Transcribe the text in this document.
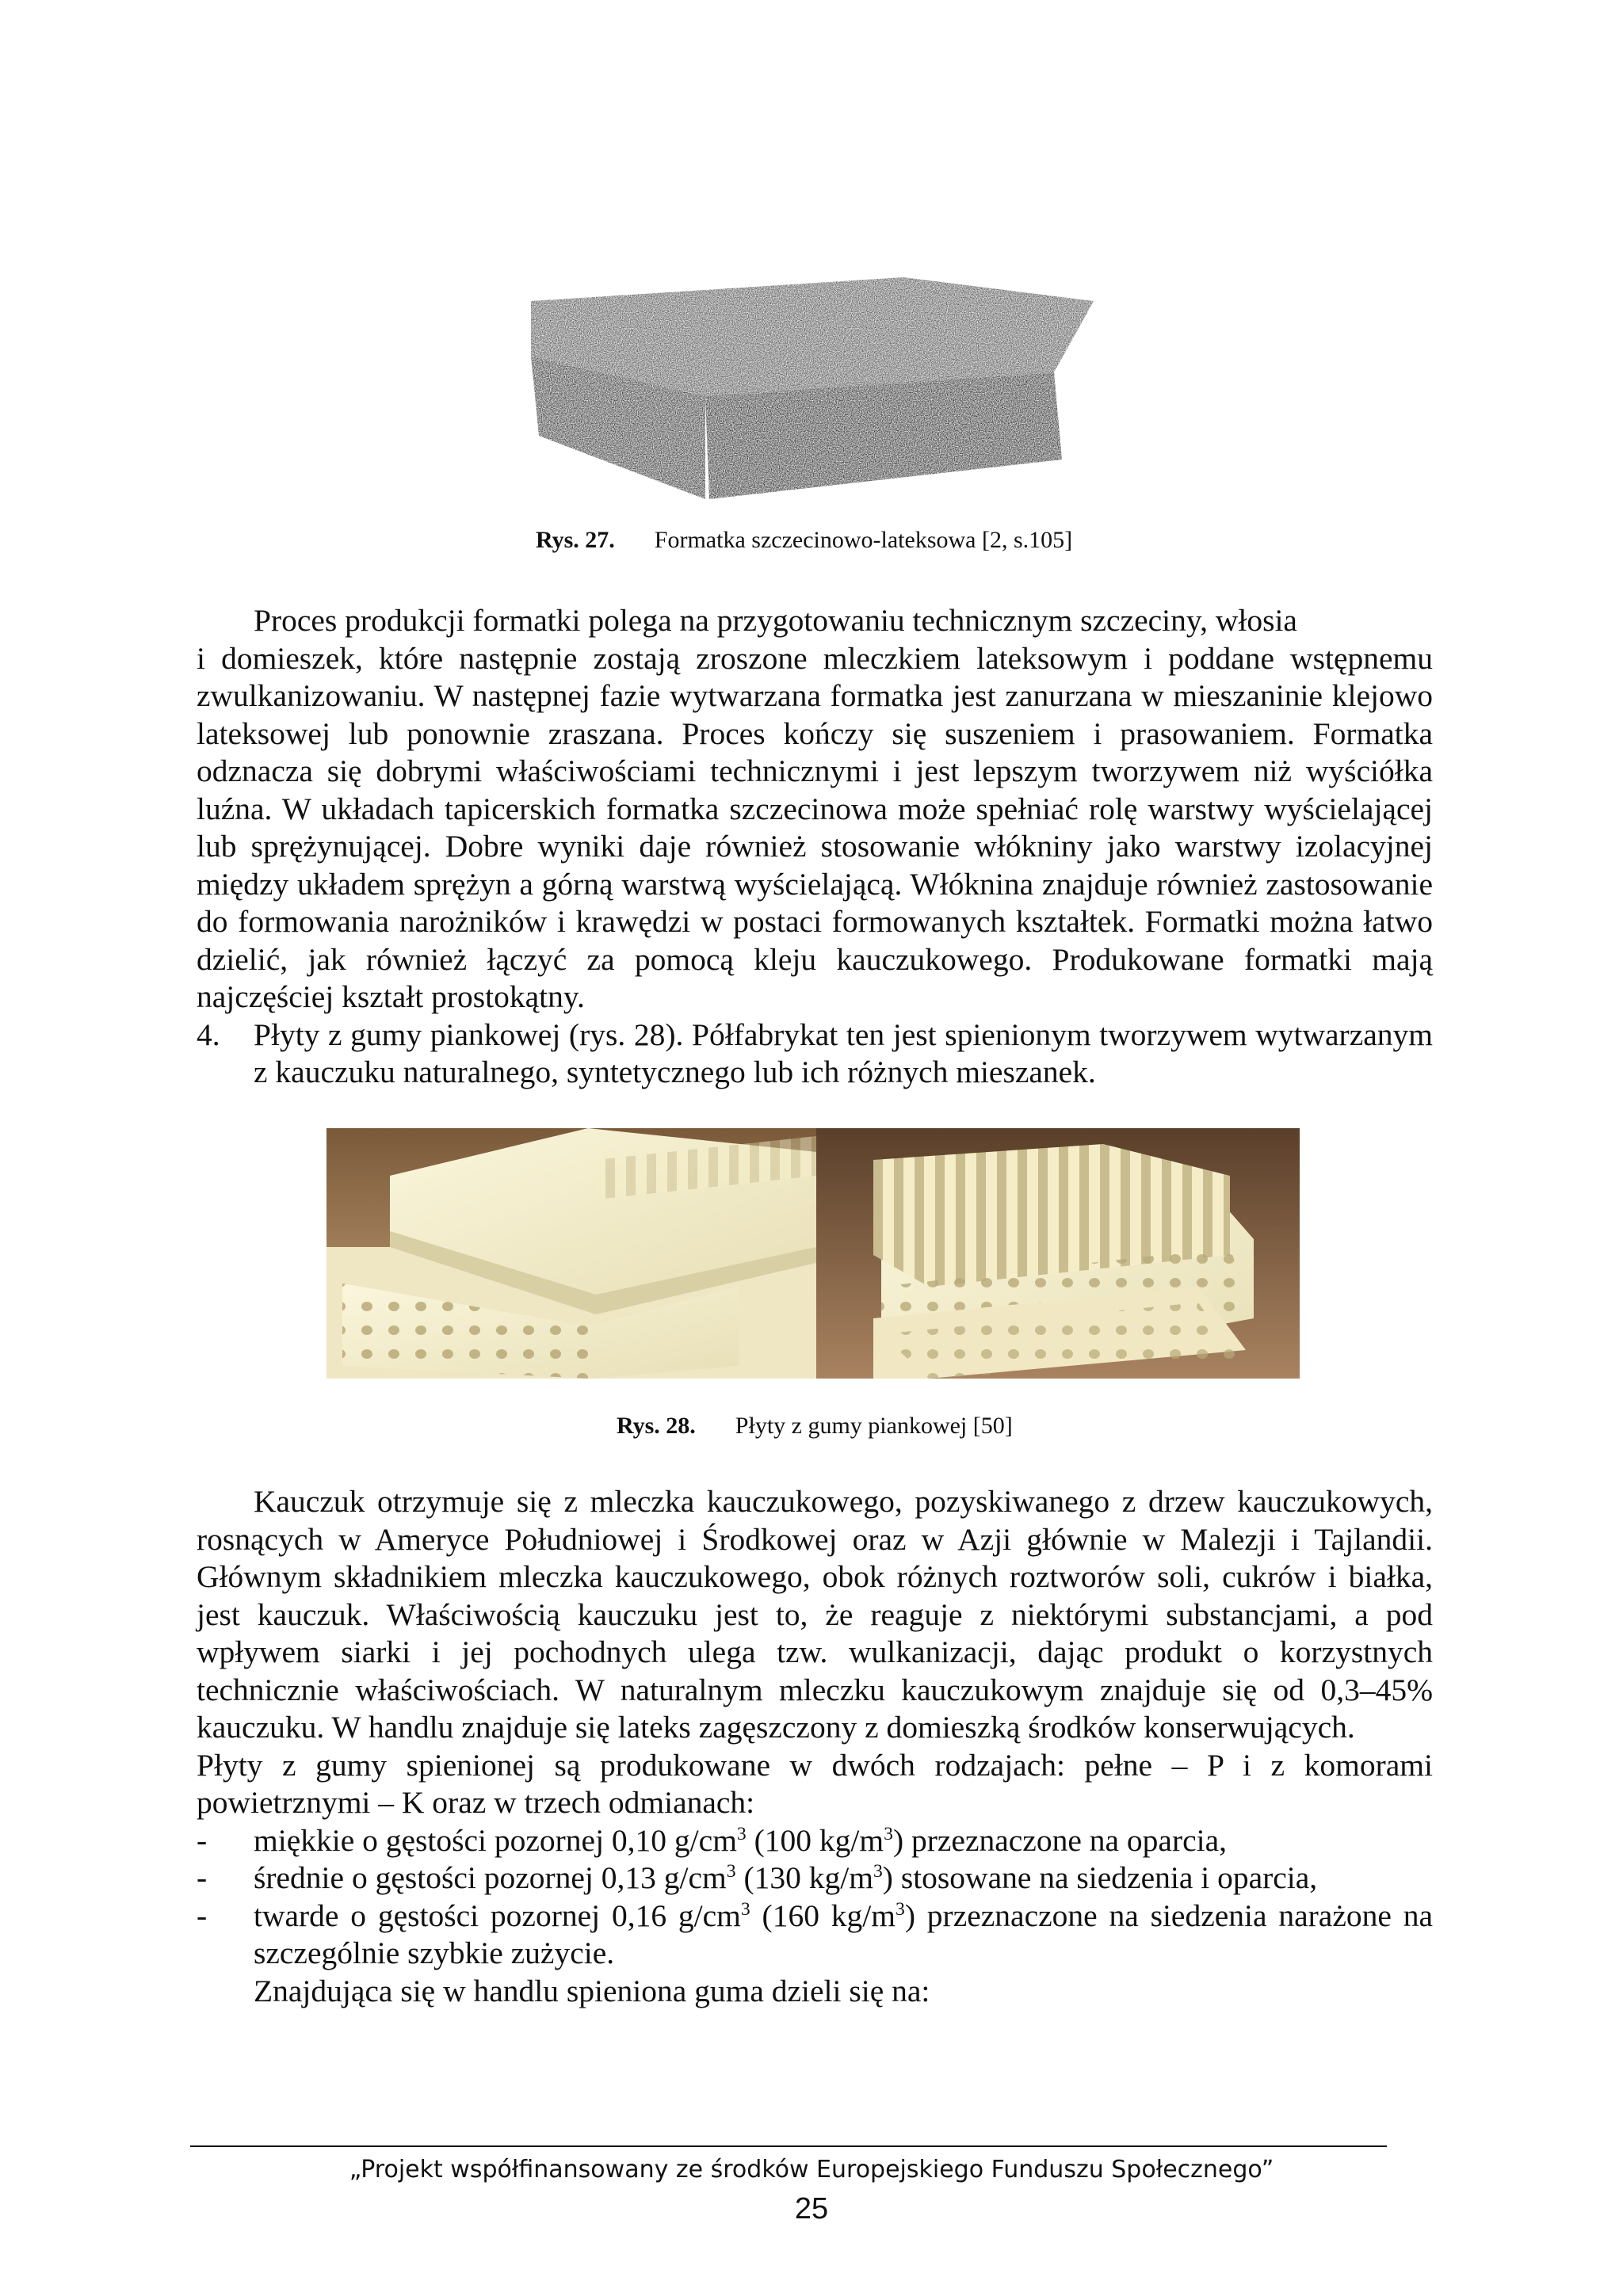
Rys. 27. Formatka szczecinowo-lateksowa [2, s.105]

Proces produkcji formatki polega na przygotowaniu technicznym szczeciny, włosia

i domieszek, które następnie zostają zroszone mleczkiem lateksowym i poddane wstępnemu zwulkanizowaniu. W następnej fazie wytwarzana formatka jest zanurzana w mieszaninie klejowo lateksowej lub ponownie zraszana. Proces kończy się suszeniem i prasowaniem. Formatka odznacza się dobrymi właściwościami technicznymi i jest lepszym tworzywem niż wyściółka luźna. W układach tapicerskich formatka szczecinowa może spełniać rolę warstwy wyścielającej lub sprężynującej. Dobre wyniki daje również stosowanie włókniny jako warstwy izolacyjnej między układem sprężyn a górną warstwą wyścielającą. Włóknina znajduje również zastosowanie do formowania narożników i krawędzi w postaci formowanych kształtek. Formatki można łatwo dzielić, jak również łączyć za pomocą kleju kauczukowego. Produkowane formatki mają najczęściej kształt prostokątny.

4.	Płyty z gumy piankowej (rys. 28). Półfabrykat ten jest spienionym tworzywem wytwarzanym z kauczuku naturalnego, syntetycznego lub ich różnych mieszanek.
Rys. 28. Płyty z gumy piankowej [50]

Kauczuk otrzymuje się z mleczka kauczukowego, pozyskiwanego z drzew kauczukowych, rosnących w Ameryce Południowej i Środkowej oraz w Azji głównie w Malezji i Tajlandii. Głównym składnikiem mleczka kauczukowego, obok różnych roztworów soli, cukrów i białka, jest kauczuk. Właściwością kauczuku jest to, że reaguje z niektórymi substancjami, a pod wpływem siarki i jej pochodnych ulega tzw. wulkanizacji, dając produkt o korzystnych technicznie właściwościach. W naturalnym mleczku kauczukowym znajduje się od 0,3–45% kauczuku. W handlu znajduje się lateks zagęszczony z domieszką środków konserwujących.

Płyty z gumy spienionej są produkowane w dwóch rodzajach: pełne – P i z komorami powietrznymi – K oraz w trzech odmianach:

-	miękkie o gęstości pozornej 0,10 $g/cm^3$ (100 $kg/m^3$) przeznaczone na oparcia,
-	średnie o gęstości pozornej 0,13 $g/cm^3$ (130 $kg/m^3$) stosowane na siedzenia i oparcia,
-	twarde o gęstości pozornej 0,16 $g/cm^3$ (160 $kg/m^3$) przeznaczone na siedzenia narażone na szczególnie szybkie zużycie.

Znajdująca się w handlu spieniona guma dzieli się na:

„Projekt współfinansowany ze środków Europejskiego Funduszu Społecznego”
25
